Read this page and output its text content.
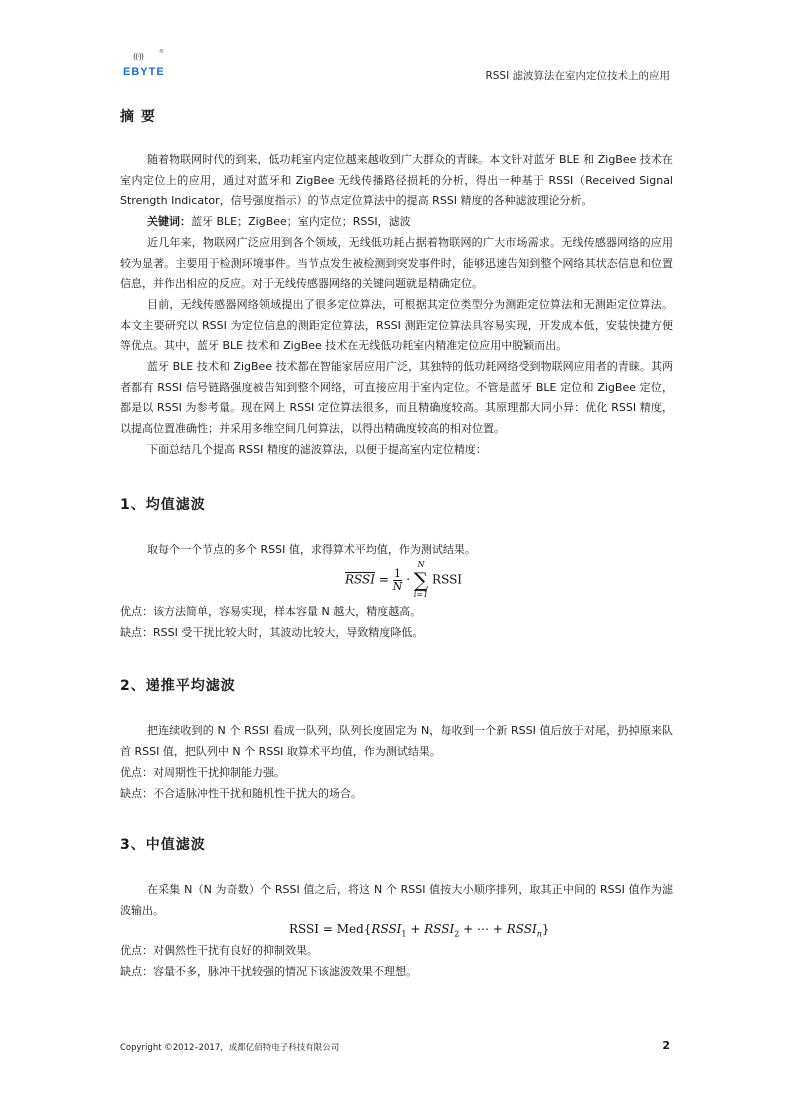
((·))	®
EBYTE	RSSI 滤波算法在室内定位技术上的应用
摘 要
随着物联网时代的到来，低功耗室内定位越来越收到广大群众的青睐。本文针对蓝牙 BLE 和 ZigBee 技术在室内定位上的应用，通过对蓝牙和 ZigBee 无线传播路径损耗的分析，得出一种基于 RSSI（Received Signal Strength Indicator，信号强度指示）的节点定位算法中的提高 RSSI 精度的各种滤波理论分析。
关键词：蓝牙 BLE；ZigBee；室内定位；RSSI，滤波
近几年来，物联网广泛应用到各个领域，无线低功耗占据着物联网的广大市场需求。无线传感器网络的应用较为显著。主要用于检测环境事件。当节点发生被检测到突发事件时，能够迅速告知到整个网络其状态信息和位置信息，并作出相应的反应。对于无线传感器网络的关键问题就是精确定位。
目前，无线传感器网络领域提出了很多定位算法，可根据其定位类型分为测距定位算法和无测距定位算法。本文主要研究以 RSSI 为定位信息的测距定位算法，RSSI 测距定位算法具容易实现，开发成本低，安装快捷方便等优点。其中，蓝牙 BLE 技术和 ZigBee 技术在无线低功耗室内精准定位应用中脱颖而出。
蓝牙 BLE 技术和 ZigBee 技术都在智能家居应用广泛，其独特的低功耗网络受到物联网应用者的青睐。其两者都有 RSSI 信号链路强度被告知到整个网络，可直接应用于室内定位。不管是蓝牙 BLE 定位和 ZigBee 定位，都是以 RSSI 为参考量。现在网上 RSSI 定位算法很多，而且精确度较高。其原理都大同小异：优化 RSSI 精度，以提高位置准确性；并采用多维空间几何算法，以得出精确度较高的相对位置。
下面总结几个提高 RSSI 精度的滤波算法，以便于提高室内定位精度：
1、均值滤波
取每个一个节点的多个 RSSI 值，求得算术平均值，作为测试结果。
RSSI = $\frac{1}{N}$ ·
N
∑
i=1
RSSI
优点：该方法简单，容易实现，样本容量 N 越大，精度越高。
缺点：RSSI 受干扰比较大时，其波动比较大，导致精度降低。
2、递推平均滤波
把连续收到的 N 个 RSSI 看成一队列，队列长度固定为 N，每收到一个新 RSSI 值后放于对尾，扔掉原来队首 RSSI 值，把队列中 N 个 RSSI 取算术平均值，作为测试结果。
优点：对周期性干扰抑制能力强。
缺点：不合适脉冲性干扰和随机性干扰大的场合。
3、中值滤波
在采集 N（N 为奇数）个 RSSI 值之后，将这 N 个 RSSI 值按大小顺序排列，取其正中间的 RSSI 值作为滤波输出。
RSSI = $Med\{RSSI_1$ + $RSSI_2$ + ⋯ + $RSSI_n$}
优点：对偶然性干扰有良好的抑制效果。
缺点：容量不多，脉冲干扰较强的情况下该滤波效果不理想。
Copyright ©2012–2017，成都亿佰特电子科技有限公司	2
